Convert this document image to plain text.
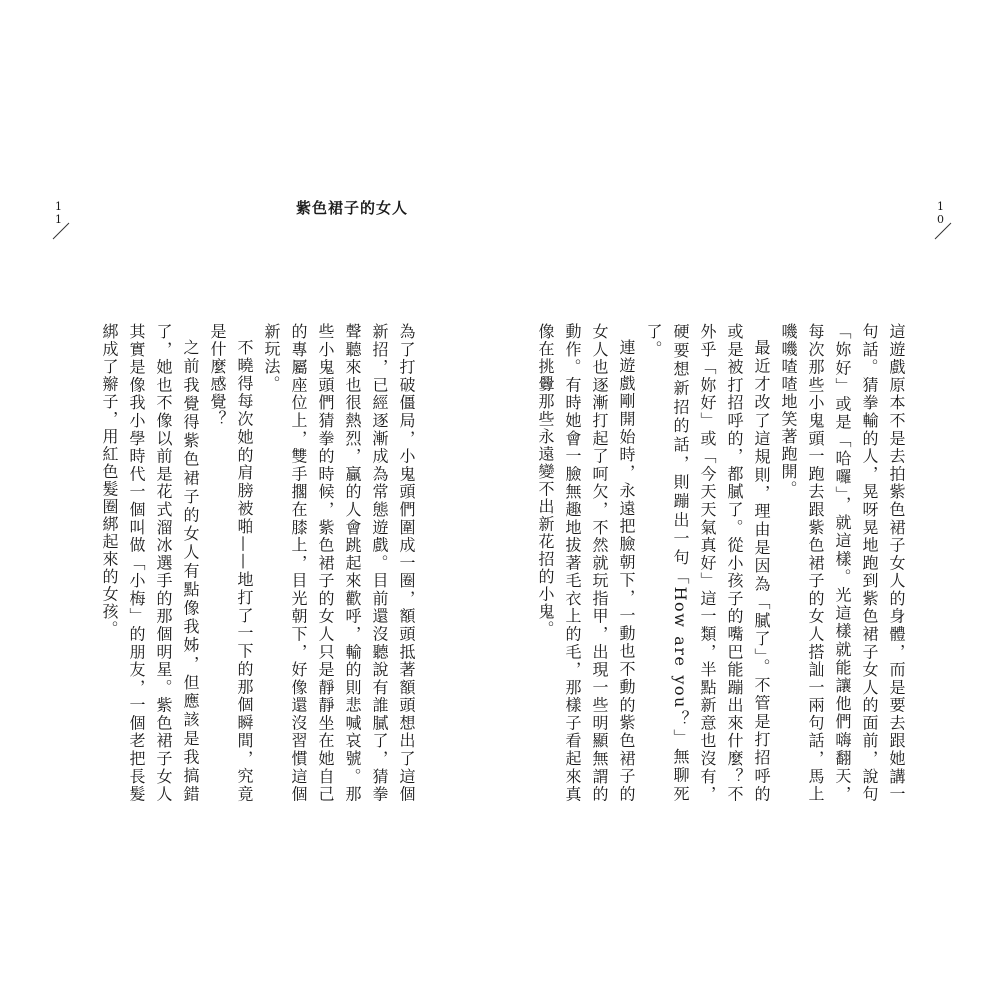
11	紫色裙子的女人	10

這遊戲原本不是去拍紫色裙子女人的身體，而是要去跟她講一句話。猜拳輸的人，晃呀晃地跑到紫色裙子女人的面前，說句「妳好」或是「哈囉」，就這樣。光這樣就能讓他們嗨翻天，每次那些小鬼頭一跑去跟紫色裙子的女人搭訕一兩句話，馬上嘰嘰喳喳地笑著跑開。

最近才改了這規則，理由是因為「膩了」。不管是打招呼的或是被打招呼的，都膩了。從小孩子的嘴巴能蹦出來什麼？不外乎「妳好」或「今天天氣真好」這一類，半點新意也沒有，硬要想新招的話，則蹦出一句「How are you？」無聊死了。

連遊戲剛開始時，永遠把臉朝下，一動也不動的紫色裙子的女人也逐漸打起了呵欠，不然就玩指甲，出現一些明顯無謂的動作。有時她會一臉無趣地拔著毛衣上的毛，那樣子看起來真像在挑釁那些永遠變不出新花招的小鬼。

為了打破僵局，小鬼頭們圍成一圈，額頭抵著額頭想出了這個新招，已經逐漸成為常態遊戲。目前還沒聽說有誰膩了，猜拳聲聽來也很熱烈，贏的人會跳起來歡呼，輸的則悲喊哀號。那些小鬼頭們猜拳的時候，紫色裙子的女人只是靜靜坐在她自己的專屬座位上，雙手擱在膝上，目光朝下，好像還沒習慣這個新玩法。

不曉得每次她的肩膀被啪——地打了一下的那個瞬間，究竟是什麼感覺？

之前我覺得紫色裙子的女人有點像我姊，但應該是我搞錯了，她也不像以前是花式溜冰選手的那個明星。紫色裙子女人其實是像我小學時代一個叫做「小梅」的朋友，一個老把長髮綁成了辮子，用紅色髮圈綁起來的女孩。
